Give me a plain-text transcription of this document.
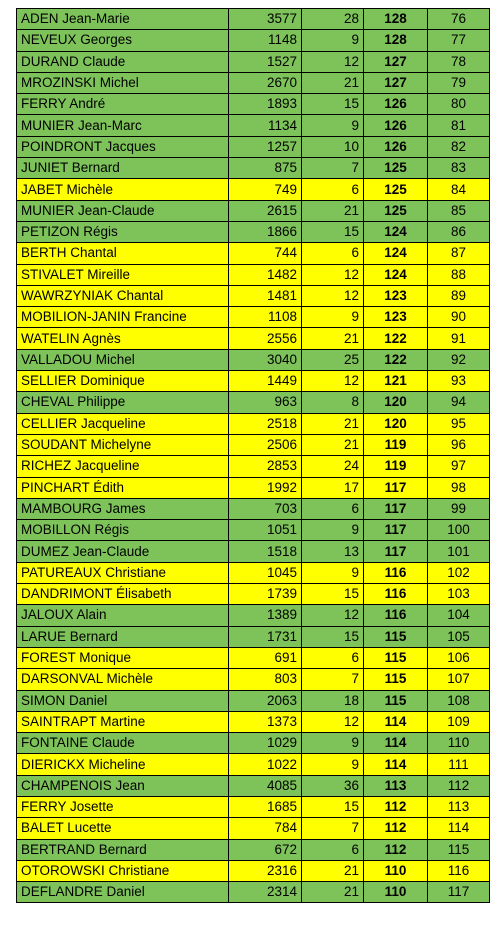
ADEN Jean-Marie	3577	28	128	76
NEVEUX Georges	1148	9	128	77
DURAND Claude	1527	12	127	78
MROZINSKI Michel	2670	21	127	79
FERRY André	1893	15	126	80
MUNIER Jean-Marc	1134	9	126	81
POINDRONT Jacques	1257	10	126	82
JUNIET Bernard	875	7	125	83
JABET Michèle	749	6	125	84
MUNIER Jean-Claude	2615	21	125	85
PETIZON Régis	1866	15	124	86
BERTH Chantal	744	6	124	87
STIVALET Mireille	1482	12	124	88
WAWRZYNIAK Chantal	1481	12	123	89
MOBILION-JANIN Francine	1108	9	123	90
WATELIN Agnès	2556	21	122	91
VALLADOU Michel	3040	25	122	92
SELLIER Dominique	1449	12	121	93
CHEVAL Philippe	963	8	120	94
CELLIER Jacqueline	2518	21	120	95
SOUDANT Michelyne	2506	21	119	96
RICHEZ Jacqueline	2853	24	119	97
PINCHART Édith	1992	17	117	98
MAMBOURG James	703	6	117	99
MOBILLON Régis	1051	9	117	100
DUMEZ Jean-Claude	1518	13	117	101
PATUREAUX Christiane	1045	9	116	102
DANDRIMONT Élisabeth	1739	15	116	103
JALOUX Alain	1389	12	116	104
LARUE Bernard	1731	15	115	105
FOREST Monique	691	6	115	106
DARSONVAL Michèle	803	7	115	107
SIMON Daniel	2063	18	115	108
SAINTRAPT Martine	1373	12	114	109
FONTAINE Claude	1029	9	114	110
DIERICKX Micheline	1022	9	114	111
CHAMPENOIS Jean	4085	36	113	112
FERRY Josette	1685	15	112	113
BALET Lucette	784	7	112	114
BERTRAND Bernard	672	6	112	115
OTOROWSKI Christiane	2316	21	110	116
DEFLANDRE Daniel	2314	21	110	117
